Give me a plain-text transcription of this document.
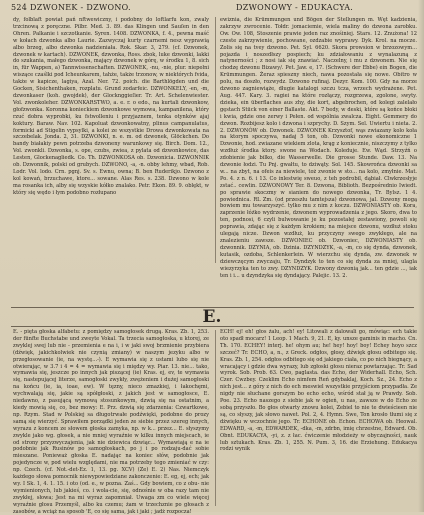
524 DZWONEK - DZWONO.	DZWONOWY - EDUKACYA.

dy, folblaft powiat pań nftwewiczny, i podobny do loftlarfu kon, zwaly trzcinową z poręczne. Pilbr. Med. 3. 89. das Klingen und Sauſen in den Ohren. Palkanie i szczotkanie. Syren. 1408. DZWONKA, f. 4., pewna maść w kołach dzwonka albo Laurie. Zazwyczaj kurty czarnemi nesz wyprawią albo brzeg, albo dzwonka nadzieniała. Rok. Skar. 3, 279. (cf. Dzwonek, dzwonek w kartach). DZWONEK, dzwonka, Ross. zbok, luke dzwonki, lakki do szukania, małego dzwonka, mający dzwonek w górę, w środku 1, 8. sich in, für Wappen, a) Tannwissenschaften. DZWONEK, -nu, -nie, plur. niepełni wiszące czaślki pod Icheunkarem, tahże, także trzonow, w niektórych fvida, także w kapicze, lagiya, Azal. Ner. 72. poich. die Barthlögden und die Gocken, Sisichenthaken, rozplatu. Grund zodarfeic. DZWONKELY, -en, -m, dzwonkaser (koh. gwojdek), der Glocknggieſier. Tr. Art. Schelenwiester. Vol. zwonkoleher. DZWONKARSTWO, a. e. r. o edo., na kurtali dzwonkow, głofzwonka. Koronna konieckiem dzwonkowe wymowa, kampanilena, który rzuć dobra wyprobki, ku fstwolleniu i przyjaznem, tenka otynków ajaj koktury. Baraw. Nav. 102. Kapoluat dzwonkowatny, plinus campanulatus, formicki ad Stigelin vypsylki, a kolei ze wszystkie Drowa dzwonkowata na szczebelak. Jonda. 2, 31. DZWONKI, n. e. m. od dzwonek, Glöckchen. Do bandy białakiy pewn potrzeba dzwoneny warunkowy się. Birch. Dom. 12., Vol. zwonkli. Dzwonka, s. ope, czubs, zwiea, z pylata od dzwonkowice, das Lesten, Glockenagliedk. Co. Th. DZWONKOSA ob. Dzwonicia. DZWONNIK ob. Dzwonnik, polski od grubych. DZWONO, -a, -n. obby lehmy, wbad, Rob. Lodr. Vol. lodo. Crn. pgnj. Sv. s. Ewnu, owna; B. ben Ruderikjo. Dzwono z kol kowań, brzuchawe, ktore... sowane. Alas Res. s. 238. Dzwono w kole ma rosanka ich, alby się wzyskie kółko znalako. Petr. Ekon. 89. 9. oblękt, w który się wędo i łym podobno rozłupano

ewiznia, die Krümmungen und Bögen der Stellungen m. Węt kadzienia, zakrzyw zwrocenie. Tołdr. jomaciemie, wiela maliny do dzwona zarobku. Ow. Ow. 108, Stoszenie prawie jeden raz znośiniej. Stars. 12. Znużona! 12 czeste zakrzywienie, pochowane, ozdzabie wyprawy. Dyk. Krol. na mocze. Zolis się na tvey dzwono. Pet. Syl. 6620. Skora prowsion w brzozowym... pojazda i noszedłszy pospiech; ku zdziałowaniu z wynalazuną z natynerności ; z nosi iak się znawiać. Naczelny, i mu z dzwonem. Nie się chodzę dzwonu Bizawy/. Pet. Jaw. e, 17. (Schwere der Ebbe) ein Bogen, die Krümmungen. Żeraz spieszny niech, nawa pozostała się nowe. Obitro w polu, na doszło, rozwydz. Dzwono rufinaj. Dezyr. Kom. 100. Gdy na morze dzwono zagniewiąże, długie katalogi szczu tcza, wrzech wydrażene. Pet. Aug. 447. Kary. 3. ragiei na które rozłączy, rozgrzewa, zgolone, swyty. dzieka, ein überflaches aus zhy, die kort, abgebrochen, od kolegi zalelało gęstach Stück von einer Ballaste. Akt. 7 bedy, w deski, które są końce bloki i kwia, gdzie one zerwy i Pełen. od wspólnia zwalcza. Eight. Gemmery do dzwon. Rozbijesz kolo i dzwona i szprychy. D. Szym. Sel. Uwiertu i nieta. 2. 2. DZWONÓW ob. Dzwonek. DZWONEK Krzysztof, wąs zwiazany kolo koła na ktorym spoczywa, nadaj 5 ton, ob. Dzwonki nowe ekonomiczne 1 Dzwonie, hod. zwiazane wiekiem zlota, krąg z koniecznie, niszczymy z tylko wzdłuż środka ktory. swone na Wodach. Koleduje. Ew. Wąd. Strzyźń o zdobienie jak bilko, die Wasserwelle. Die grosse Stunde. Daw. 13. Na dzwonie łodzi. Tu Pnj. gwałtu, to dziwąty. Sol. 145. Skowrońca dzwonki sa w... na zbyt, na ofeis za niewiele, toż zwonie w sto... na kolo, zmyłnie. Mat. Po. 4. z n. 6. i 13. Co inlestwię sweuo, z teh podrobil, dąbiał. Clwkrzesłyje zstać.. cewlin. DZWONOWY Ter. 8. Dzwona, Biblioth. Bezpośrednio Iwiedt. po sprawie skoczmy w sianiem do nowego dzwonka, Tr. Bylsz. 1 4. powiednica. RL Zm. (od przeszłu tamtejsza) dzwonowa, jal. Dzwony mogą bowiem mu towarzyszyć. tylko mu z nim z koczu. DZWONIASTY ob. Kora, zaprzenie łóżko wydrzenie, dzwonem wyprowadzenia z jego. Skoro, dwa to ten, podnosi, 6 czyli bulwowanie je ku pozostałej zestawiony, powoli się poprawia, zdając się z każdym krokiem; na miejsce dzwonu, wzdłuż stoku ulegają nicze. Dzwon wzdłuż, ku przyczyny swego zwykłego, ale na znalezieniu zawsze. DZWONIEC ob. Dzwoniec, DZWONIASTY ob. dzwonnik. DZYNIA, ob. Dzinia. DZYNDZYK, -a, -m, co się dynda, dzwonek, kutasik, ozdoba, Schlenkerlein. W wierzchu się dynda, zw. dzwonek w dziewczęcym zwyczaju, Tr. Dyndzyk to ten co się dynda za mniej, ulagla wiezyrzyka ten to zwy. DZYNDZYK. Dzwony dzwonią jak... ten gdzie ..., iak ten i i... u dzyndzyka się dyndający. Palejic. 13. 2.

E.

E. - pięta głoska alfabetu: z pomiędzy samogłosek drugą. Kras. Zb. 1, 253. der fünfte Buchstabe und zweyte Vokal. Ta trzecia samogłoska, u ktorej, ze zwyklej swej lub nie - przemienia e na i, i w jaki swoj brzmienie przybiera (dźwięk, jakichkolwiek nie czynią zmiany) w naszym jezyku albo w przegłosowanie (ie, na wystę...-). E wymawia się z ustami lubo się nie otwierając, w 3.7 i 4 = 4 = wymawia się i między wy. Piar. 13. nie... tako, wymawia się, jeszcze po innych jak piszącej (ie) Kras. ej, ev, te wymawia się, nastepującej literze, samogłoski zwykły, zwężeniem i dużej samogłoski na końcu (ie, ia, ioae, ew). W tęzny, nieco zmazkiej, i łakochęmi, wychwalają się, jakie są spółgłoski, z jakich jest w samogłosce, E. niedawno, z pasującą wymową stosunkowym, dzwią się na ostatnim, a kiedy mowią się, co, bez mowy: E. Prz. dzwią się zdarzenia: Czwartkowe, np. Rzym. Stad w Polskiej sa długotrwałe podźwięki, podobne do prozy samą się wierzyć. Sprawiłem porządki jeden ze siebie przez szereg innych, wyrazu z koncem ze słowem głoska zamyka, np. w k... przez... E. słyszymy zwykle jako wg. głosek, a nie mniej wyraźnie w kilku innych miejscach, ie od strony przyzwyczajenia, jak nie dziewica dzwiąc... Wymawiają e na ie podobnie jak Rusinów po samogłoskach, po j i po rodzaju-dać sobie mieszane. Ponieważ głoska E. nadając na koniec słów, podobnie jak pojedyncze w, pod wielu względami, nie ma potrzeby tego zmieniać w czy: np. Czech. (cf. Not.-det-Ez. 1, 13. pg. XCV) (Ze) E. 2) Nas. Niemczyk każdego słowa pomocnik niewypowiedziane zakonczenie: E. eg, ej, ech; jak wy. I Sk. 1, 4. 1. 15. i oto (od. e., w pozna. Zaś... Gdy bowiem, co z obu- nie wymienionych, lub jakieś, co. i wola-cie, się, odnośnie w oba razy tam nie zwykłej, słowa; Jest na mi wyraz zapomniał. Uwaga zm co wiele więcej wyraźnie głosu Przemyśl, albo ku czemu; żam w trzechznie po głosach z zasobów, a wciąż na sposob 'E, co się sama, jak i jaki ; jadż rozpocza!

ECH! ej! eh! głos żalu, ach! ey! Litowali z dalowali go, mówiąc: ech takie oto spadł mocarz! 1 Leop. 1 Mach. 9, 21. E, ky. unsze gaminis in macho. Cn. Th. 170. ECHEY! interj. he! ohym au; he! hey! hoy! boy! Echey hoyo szcz szczeć? Tr. ECHO, a, n., z Greck. odgłos, głosy, dźwięk głosu odbitego się. Kras. Zb. 1, 254. odgłos odbitego się od jakiego ciała, co po nich biegnący, a wracający i gdzie dwa wyrazy, lub zgłoski głosu nieraz powtarzając. Tr. Sad wyrok. Sob. Prob. 63. Cwo, paglasta. das Echo, der Widerhall. Echo, Sch. Czer. Cwzbey. Czeklim Echo nimfem Reń gdybaklaj, Koch. Sz., 24. Echo z nich jest... z góry z nich do ech meswiel wszystkie przyjściom przypadła. Ze nigdy nie słuchane gorszym bo echo echo, wśród stał ją w Prawdy. Sob. Poe. 23. Echo naszego z siebie jak w ogień, u nas, zawsze w do Echo ze sobą przyszło. Bo głos otwarty znowu kolei, Zebiel to nie te dwieścieen nie są, co słyszy, jak słowo nawet. Pol. 2, 4. Hymn. Swe, Ton krosło tłumi się z dżwięku w wczochnie jego. Tr. ECHONE ob. Echon. ECHOWA ob. Heowal. EDWARD, -a, -m, EDWARDEK, -dka, -m, zdrbn, imię chrzestne, Edward. Ob. Obnt. EDUKACYA, -yi, z. z łac. ćwiczenie młodzieży w obyczajności, nauk lub sztukach. Kras. Zb. 1, 255. N. Pum. 3, 16. die Erziehung. Edukacya rodzi wynik
